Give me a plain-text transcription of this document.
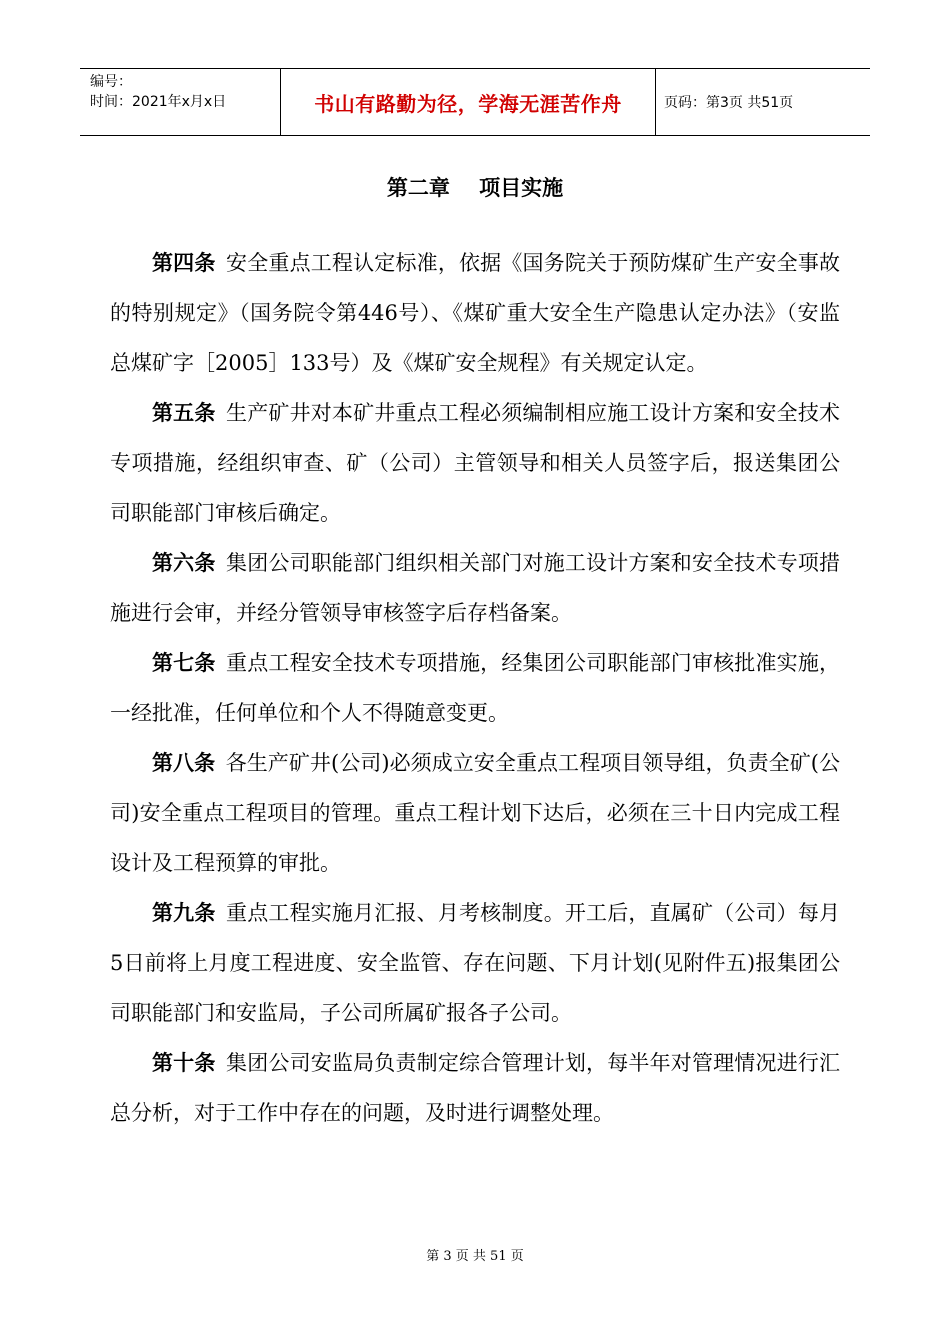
编号：
时间：2021年x月x日	书山有路勤为径，学海无涯苦作舟	页码：第3页 共51页
第二章    项目实施

第四条 安全重点工程认定标准，依据《国务院关于预防煤矿生产安全事故的特别规定》（国务院令第446号）、《煤矿重大安全生产隐患认定办法》（安监总煤矿字［2005］133号）及《煤矿安全规程》有关规定认定。

第五条 生产矿井对本矿井重点工程必须编制相应施工设计方案和安全技术专项措施，经组织审查、矿（公司）主管领导和相关人员签字后，报送集团公司职能部门审核后确定。

第六条 集团公司职能部门组织相关部门对施工设计方案和安全技术专项措施进行会审，并经分管领导审核签字后存档备案。

第七条 重点工程安全技术专项措施，经集团公司职能部门审核批准实施，一经批准，任何单位和个人不得随意变更。

第八条 各生产矿井(公司)必须成立安全重点工程项目领导组，负责全矿(公司)安全重点工程项目的管理。重点工程计划下达后，必须在三十日内完成工程设计及工程预算的审批。

第九条 重点工程实施月汇报、月考核制度。开工后，直属矿（公司）每月5日前将上月度工程进度、安全监管、存在问题、下月计划(见附件五)报集团公司职能部门和安监局，子公司所属矿报各子公司。

第十条 集团公司安监局负责制定综合管理计划，每半年对管理情况进行汇总分析，对于工作中存在的问题，及时进行调整处理。

第 3 页 共 51 页
